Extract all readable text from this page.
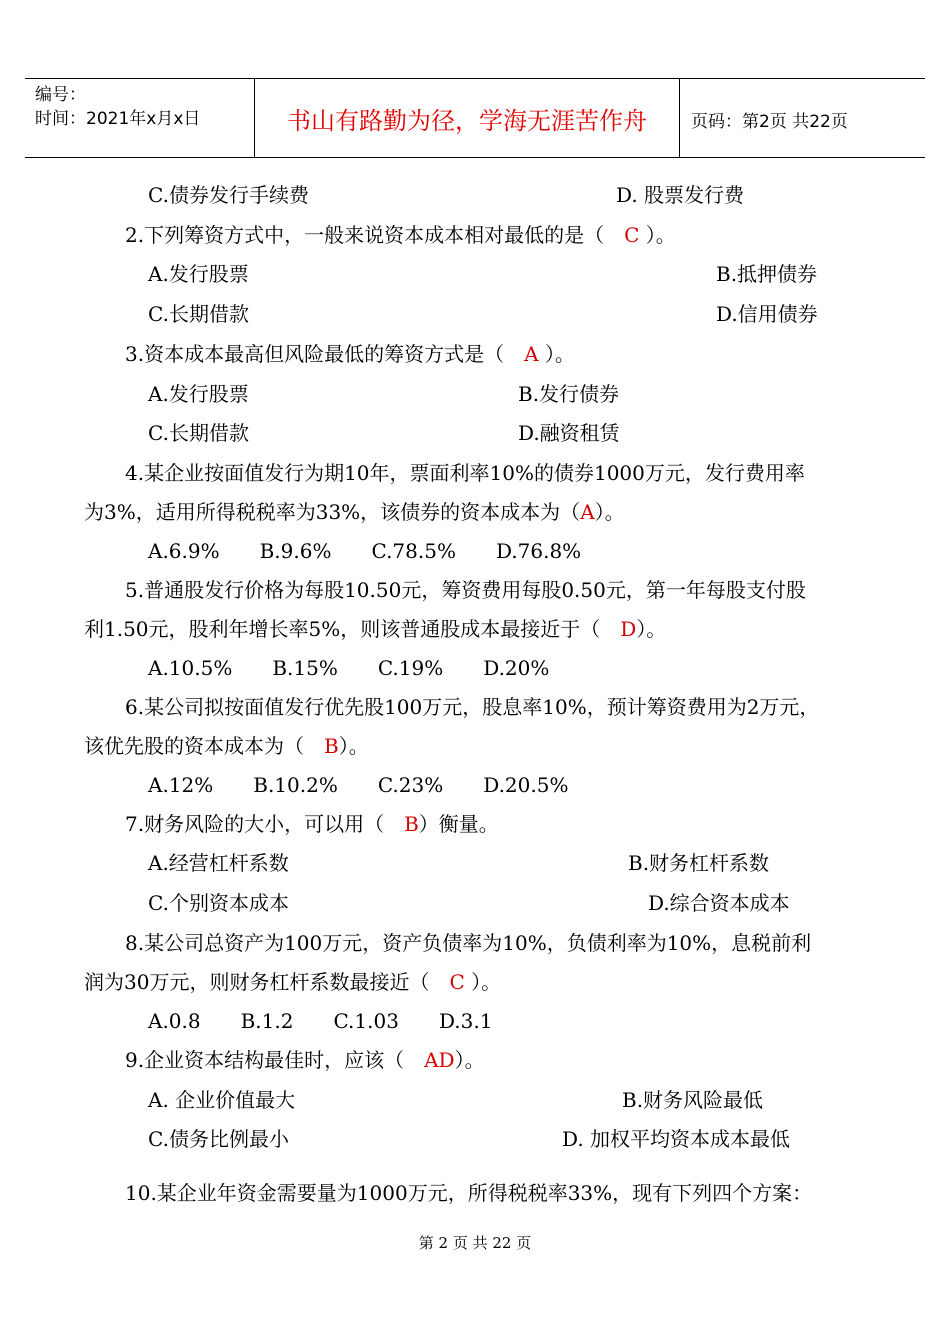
编号：
时间：2021年x月x日	书山有路勤为径，学海无涯苦作舟	页码：第2页 共22页
C.债券发行手续费	D. 股票发行费
2.下列筹资方式中，一般来说资本成本相对最低的是（　C ）。
A.发行股票	B.抵押债券
C.长期借款	D.信用债券
3.资本成本最高但风险最低的筹资方式是（　A ）。
A.发行股票	B.发行债券
C.长期借款	D.融资租赁
4.某企业按面值发行为期10年，票面利率10%的债券1000万元，发行费用率
为3%，适用所得税税率为33%，该债券的资本成本为（A）。
A.6.9%　　B.9.6%　　C.78.5%　　D.76.8%
5.普通股发行价格为每股10.50元，筹资费用每股0.50元，第一年每股支付股
利1.50元，股利年增长率5%，则该普通股成本最接近于（　D）。
A.10.5%　　B.15%　　C.19%　　D.20%
6.某公司拟按面值发行优先股100万元，股息率10%，预计筹资费用为2万元，
该优先股的资本成本为（　B）。
A.12%　　B.10.2%　　C.23%　　D.20.5%
7.财务风险的大小，可以用（　B）衡量。
A.经营杠杆系数	B.财务杠杆系数
C.个别资本成本	D.综合资本成本
8.某公司总资产为100万元，资产负债率为10%，负债利率为10%，息税前利
润为30万元，则财务杠杆系数最接近（　C ）。
A.0.8　　B.1.2　　C.1.03　　D.3.1
9.企业资本结构最佳时，应该（　AD）。
A. 企业价值最大	B.财务风险最低
C.债务比例最小	D. 加权平均资本成本最低
10.某企业年资金需要量为1000万元，所得税税率33%，现有下列四个方案：
第 2 页 共 22 页
